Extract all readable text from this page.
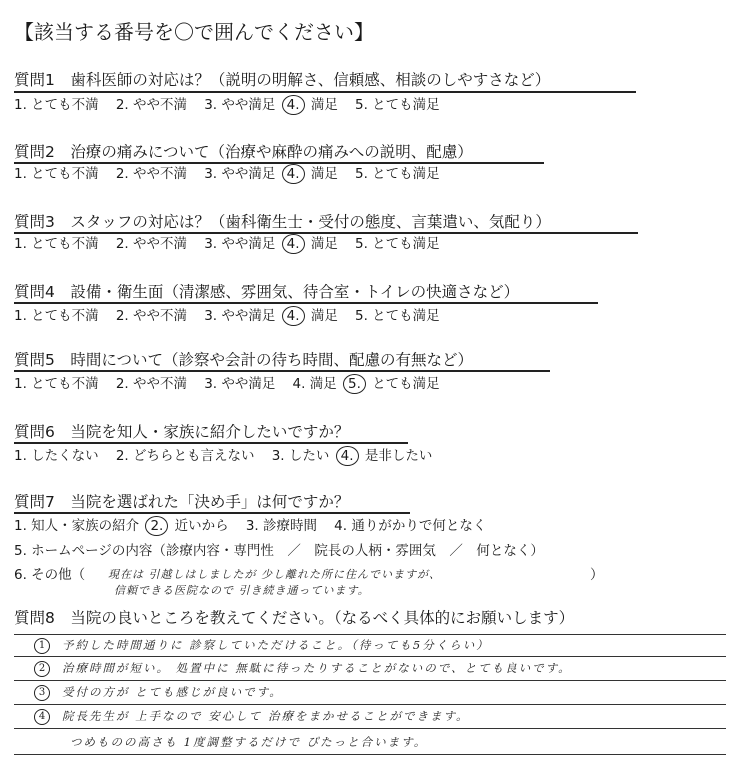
【該当する番号を〇で囲んでください】
質問1　歯科医師の対応は？（説明の明解さ、信頼感、相談のしやすさなど）
1. とても不満 2. やや不満 3. やや満足 4. 満足 5. とても満足
質問2　治療の痛みについて（治療や麻酔の痛みへの説明、配慮）
1. とても不満 2. やや不満 3. やや満足 4. 満足 5. とても満足
質問3　スタッフの対応は？（歯科衛生士・受付の態度、言葉遣い、気配り）
1. とても不満 2. やや不満 3. やや満足 4. 満足 5. とても満足
質問4　設備・衛生面（清潔感、雰囲気、待合室・トイレの快適さなど）
1. とても不満 2. やや不満 3. やや満足 4. 満足 5. とても満足
質問5　時間について（診察や会計の待ち時間、配慮の有無など）
1. とても不満 2. やや不満 3. やや満足 4. 満足 5. とても満足
質問6　当院を知人・家族に紹介したいですか？
1. したくない 2. どちらとも言えない 3. したい 4. 是非したい
質問7　当院を選ばれた「決め手」は何ですか？
1. 知人・家族の紹介 2. 近いから 3. 診療時間 4. 通りがかりで何となく
5. ホームページの内容（診療内容・専門性　／　院長の人柄・雰囲気　／　何となく）
6. その他（	）
現在は 引越しはしましたが 少し離れた所に住んでいますが、
信頼できる医院なので 引き続き通っています。
質問8　当院の良いところを教えてください。（なるべく具体的にお願いします）
1 予約した時間通りに 診察していただけること。（待っても5分くらい）
2 治療時間が短い。 処置中に 無駄に待ったりすることがないので、とても良いです。
3 受付の方が とても感じが良いです。
4 院長先生が 上手なので 安心して 治療をまかせることができます。
つめものの高さも 1度調整するだけで ぴたっと合います。
